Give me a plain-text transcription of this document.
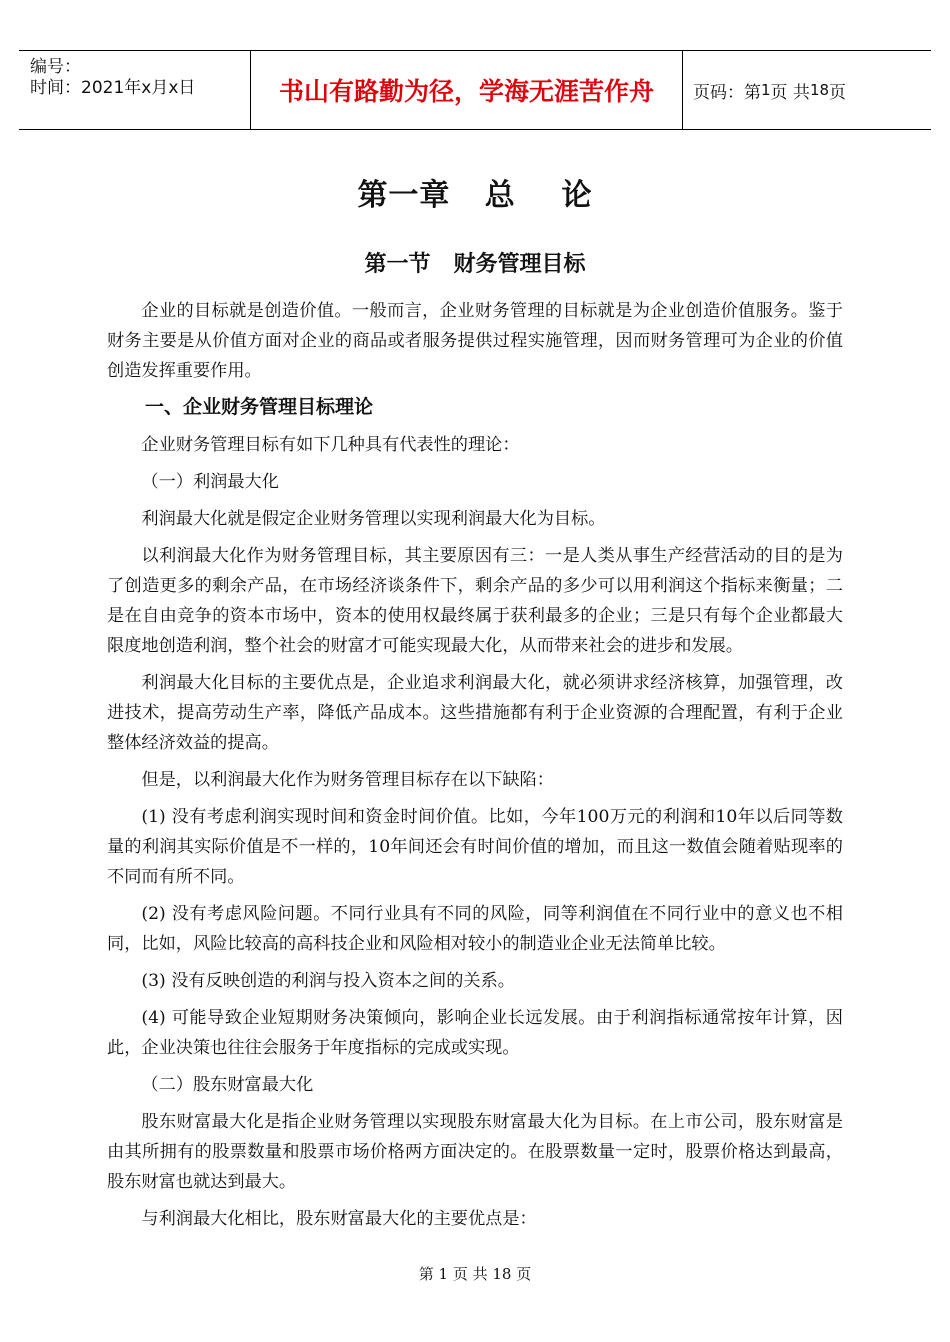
编号：
时间：2021年x月x日	书山有路勤为径，学海无涯苦作舟 页码：第 1 页 共 18 页
第一章   总    论
第一节   财务管理目标

企业的目标就是创造价值。一般而言，企业财务管理的目标就是为企业创造价值服务。鉴于财务主要是从价值方面对企业的商品或者服务提供过程实施管理，因而财务管理可为企业的价值创造发挥重要作用。

一、企业财务管理目标理论

企业财务管理目标有如下几种具有代表性的理论：

（一）利润最大化

利润最大化就是假定企业财务管理以实现利润最大化为目标。

以利润最大化作为财务管理目标，其主要原因有三：一是人类从事生产经营活动的目的是为了创造更多的剩余产品，在市场经济谈条件下，剩余产品的多少可以用利润这个指标来衡量；二是在自由竞争的资本市场中，资本的使用权最终属于获利最多的企业；三是只有每个企业都最大限度地创造利润，整个社会的财富才可能实现最大化，从而带来社会的进步和发展。

利润最大化目标的主要优点是，企业追求利润最大化，就必须讲求经济核算，加强管理，改进技术，提高劳动生产率，降低产品成本。这些措施都有利于企业资源的合理配置，有利于企业整体经济效益的提高。

但是，以利润最大化作为财务管理目标存在以下缺陷：

(1) 没有考虑利润实现时间和资金时间价值。比如，今年100万元的利润和10年以后同等数量的利润其实际价值是不一样的，10年间还会有时间价值的增加，而且这一数值会随着贴现率的不同而有所不同。

(2) 没有考虑风险问题。不同行业具有不同的风险，同等利润值在不同行业中的意义也不相同，比如，风险比较高的高科技企业和风险相对较小的制造业企业无法简单比较。

(3) 没有反映创造的利润与投入资本之间的关系。

(4) 可能导致企业短期财务决策倾向，影响企业长远发展。由于利润指标通常按年计算，因此，企业决策也往往会服务于年度指标的完成或实现。

（二）股东财富最大化

股东财富最大化是指企业财务管理以实现股东财富最大化为目标。在上市公司，股东财富是由其所拥有的股票数量和股票市场价格两方面决定的。在股票数量一定时，股票价格达到最高，股东财富也就达到最大。

与利润最大化相比，股东财富最大化的主要优点是：

第 1 页 共 18 页
